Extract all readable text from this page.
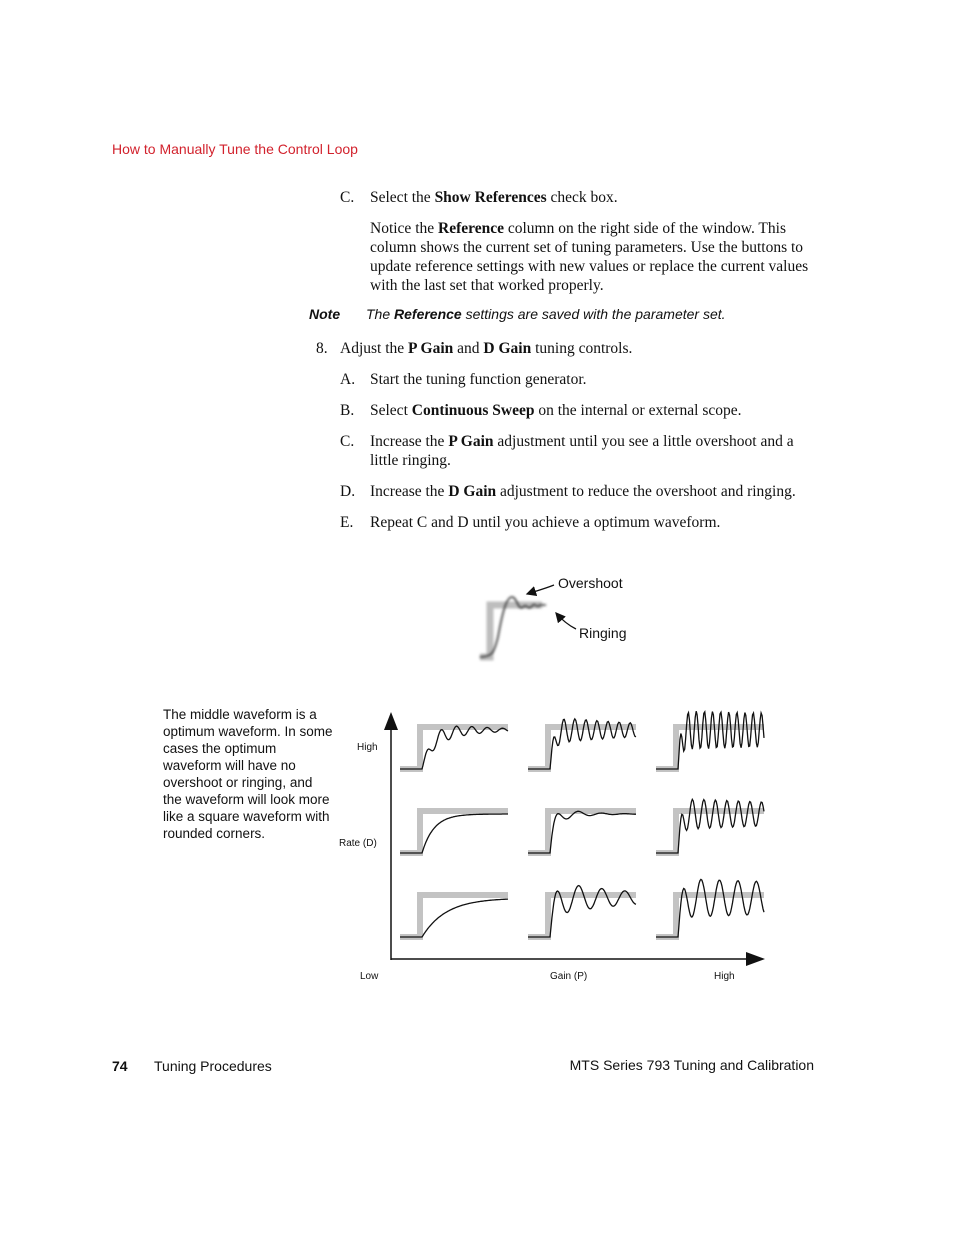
How to Manually Tune the Control Loop
C. Select the Show References check box.
Notice the Reference column on the right side of the window. This
column shows the current set of tuning parameters. Use the buttons to
update reference settings with new values or replace the current values
with the last set that worked properly.
Note The Reference settings are saved with the parameter set.
8. Adjust the P Gain and D Gain tuning controls.
A. Start the tuning function generator.
B. Select Continuous Sweep on the internal or external scope.
C. Increase the P Gain adjustment until you see a little overshoot and a
little ringing.
D. Increase the D Gain adjustment to reduce the overshoot and ringing.
E. Repeat C and D until you achieve a optimum waveform.
Overshoot
Ringing
The middle waveform is a optimum waveform. In some cases the optimum waveform will have no overshoot or ringing, and the waveform will look more like a square waveform with rounded corners.
High
Rate (D)
Low	Gain (P)	High
74 Tuning Procedures	MTS Series 793 Tuning and Calibration
